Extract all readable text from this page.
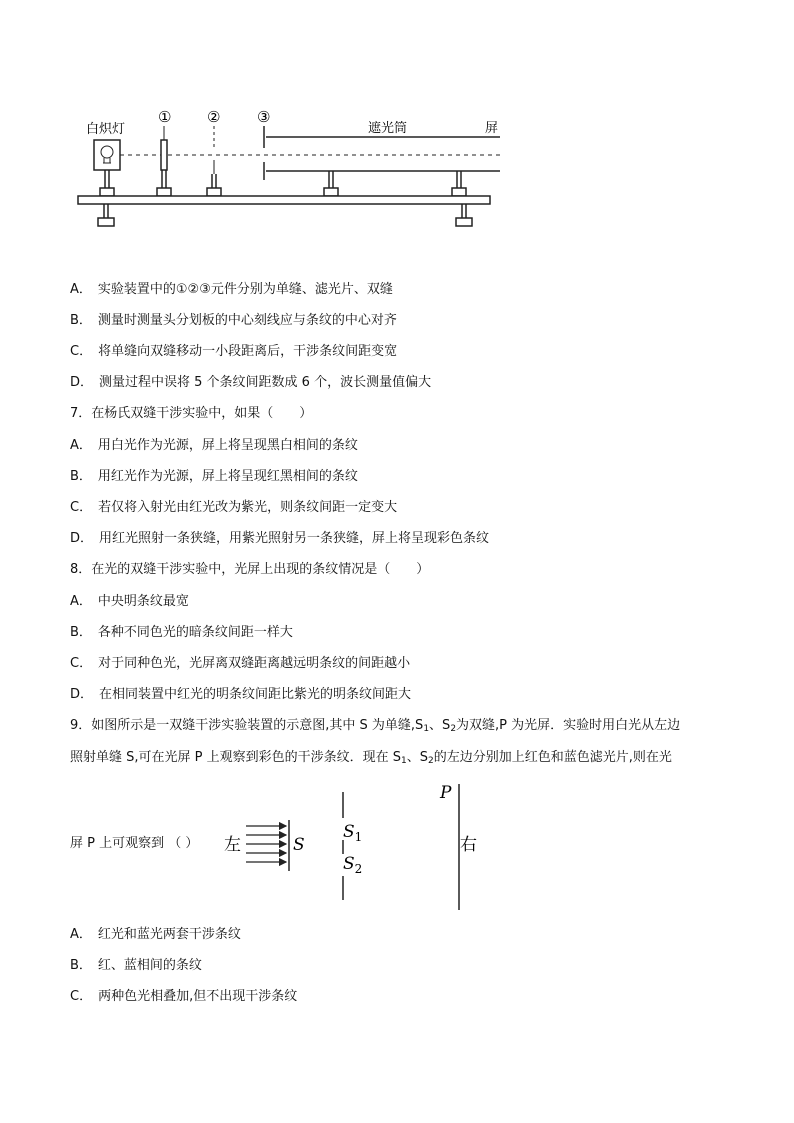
白炽灯
① ② ③
遮光筒	屏
A． 实验装置中的①②③元件分别为单缝、滤光片、双缝
B． 测量时测量头分划板的中心刻线应与条纹的中心对齐
C． 将单缝向双缝移动一小段距离后，干涉条纹间距变宽
D． 测量过程中误将 5 个条纹间距数成 6 个，波长测量值偏大
7．在杨氏双缝干涉实验中，如果（　　）
A． 用白光作为光源，屏上将呈现黑白相间的条纹
B． 用红光作为光源，屏上将呈现红黑相间的条纹
C． 若仅将入射光由红光改为紫光，则条纹间距一定变大
D． 用红光照射一条狭缝，用紫光照射另一条狭缝，屏上将呈现彩色条纹
8．在光的双缝干涉实验中，光屏上出现的条纹情况是（　　）
A． 中央明条纹最宽
B． 各种不同色光的暗条纹间距一样大
C． 对于同种色光，光屏离双缝距离越远明条纹的间距越小
D． 在相同装置中红光的明条纹间距比紫光的明条纹间距大
9．如图所示是一双缝干涉实验装置的示意图,其中 S 为单缝$,S_1$、$S_2$为双缝,P 为光屏．实验时用白光从左边
照射单缝 S,可在光屏 P 上观察到彩色的干涉条纹．现在 $S_1$、$S_2$的左边分别加上红色和蓝色滤光片,则在光
屏 P 上可观察到 （ ） 左	S
$S_1$
$S_2$
P
右
A． 红光和蓝光两套干涉条纹
B． 红、蓝相间的条纹
C． 两种色光相叠加,但不出现干涉条纹
